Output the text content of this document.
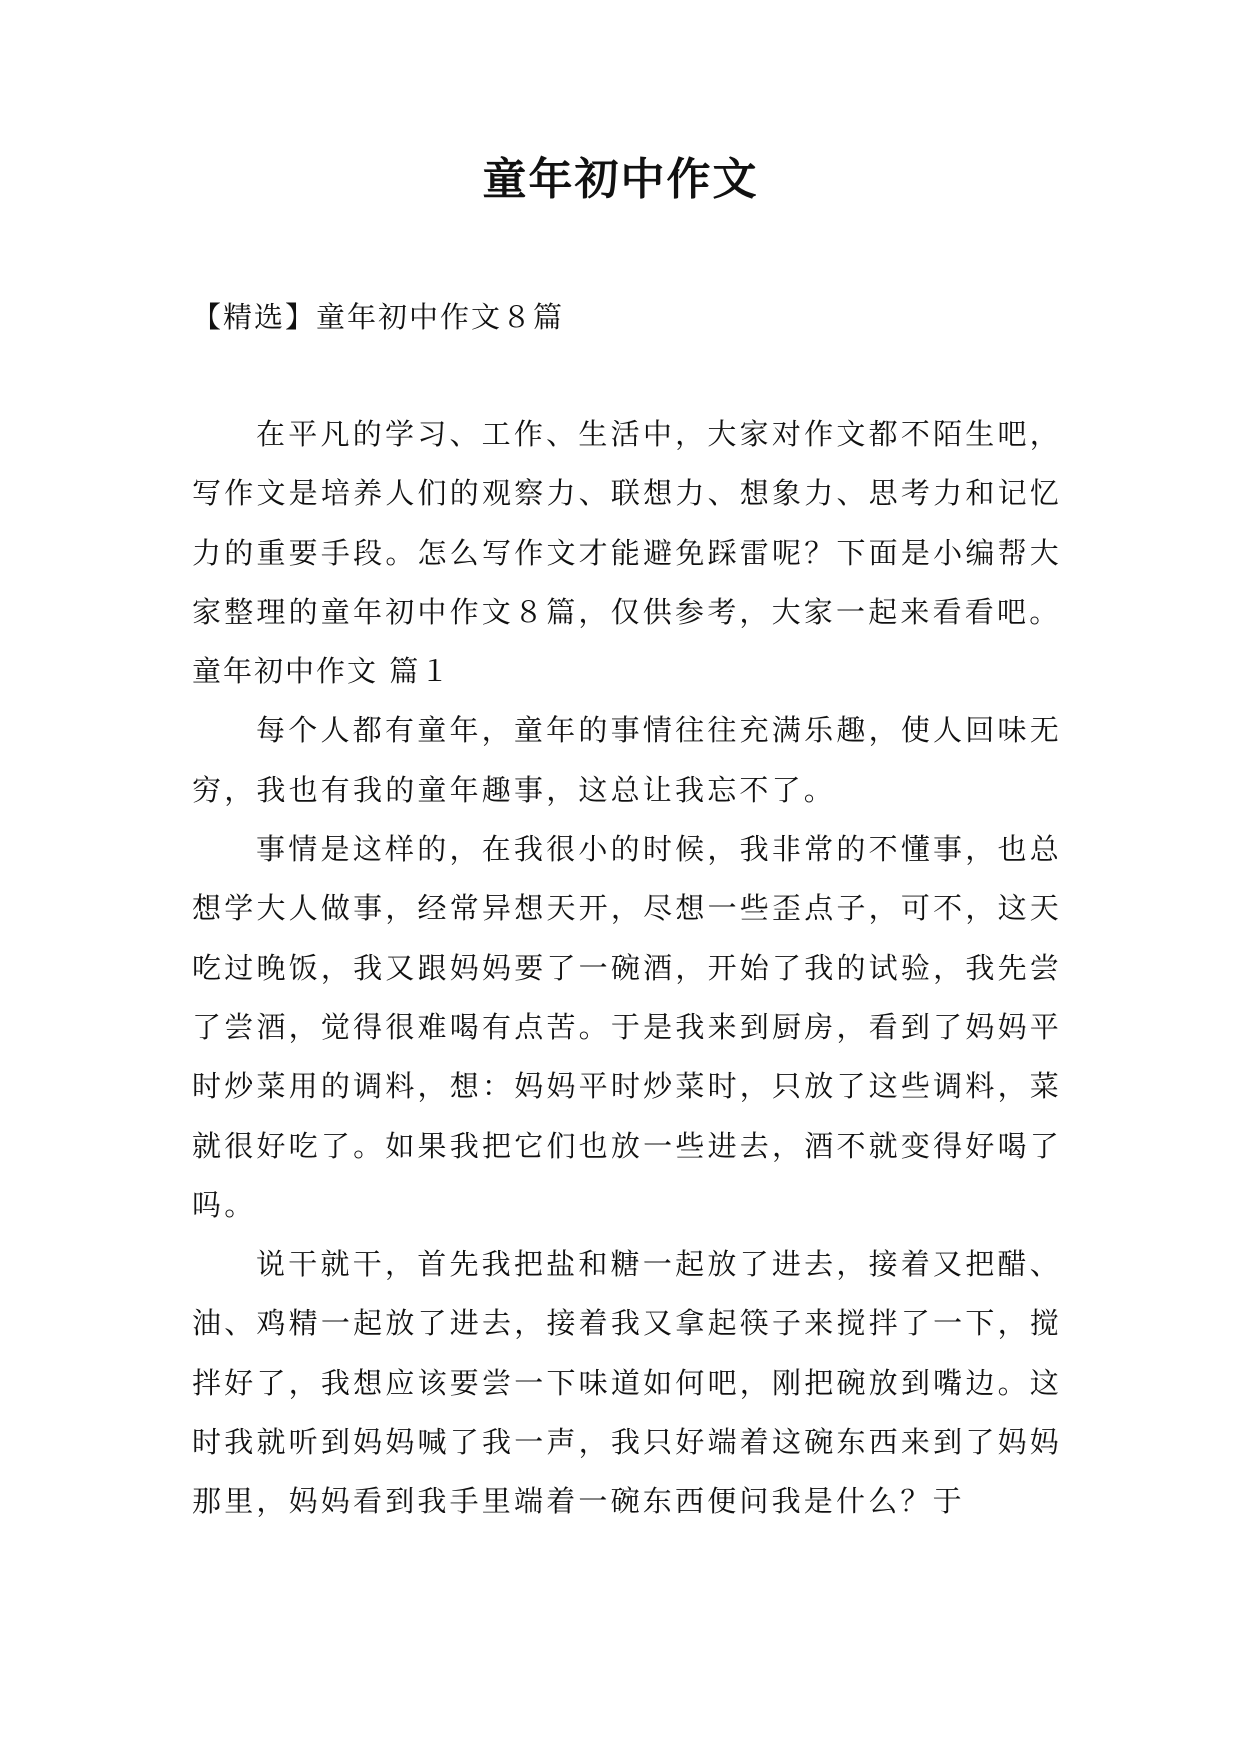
童年初中作文
【精选】童年初中作文８篇

在平凡的学习、工作、生活中，大家对作文都不陌生吧，写作文是培养人们的观察力、联想力、想象力、思考力和记忆力的重要手段。怎么写作文才能避免踩雷呢？下面是小编帮大家整理的童年初中作文８篇，仅供参考，大家一起来看看吧。

童年初中作文 篇１

每个人都有童年，童年的事情往往充满乐趣，使人回味无穷，我也有我的童年趣事，这总让我忘不了。

事情是这样的，在我很小的时候，我非常的不懂事，也总想学大人做事，经常异想天开，尽想一些歪点子，可不，这天吃过晚饭，我又跟妈妈要了一碗酒，开始了我的试验，我先尝了尝酒，觉得很难喝有点苦。于是我来到厨房，看到了妈妈平时炒菜用的调料，想：妈妈平时炒菜时，只放了这些调料，菜就很好吃了。如果我把它们也放一些进去，酒不就变得好喝了吗。

说干就干，首先我把盐和糖一起放了进去，接着又把醋、油、鸡精一起放了进去，接着我又拿起筷子来搅拌了一下，搅拌好了，我想应该要尝一下味道如何吧，刚把碗放到嘴边。这时我就听到妈妈喊了我一声，我只好端着这碗东西来到了妈妈那里，妈妈看到我手里端着一碗东西便问我是什么？于
